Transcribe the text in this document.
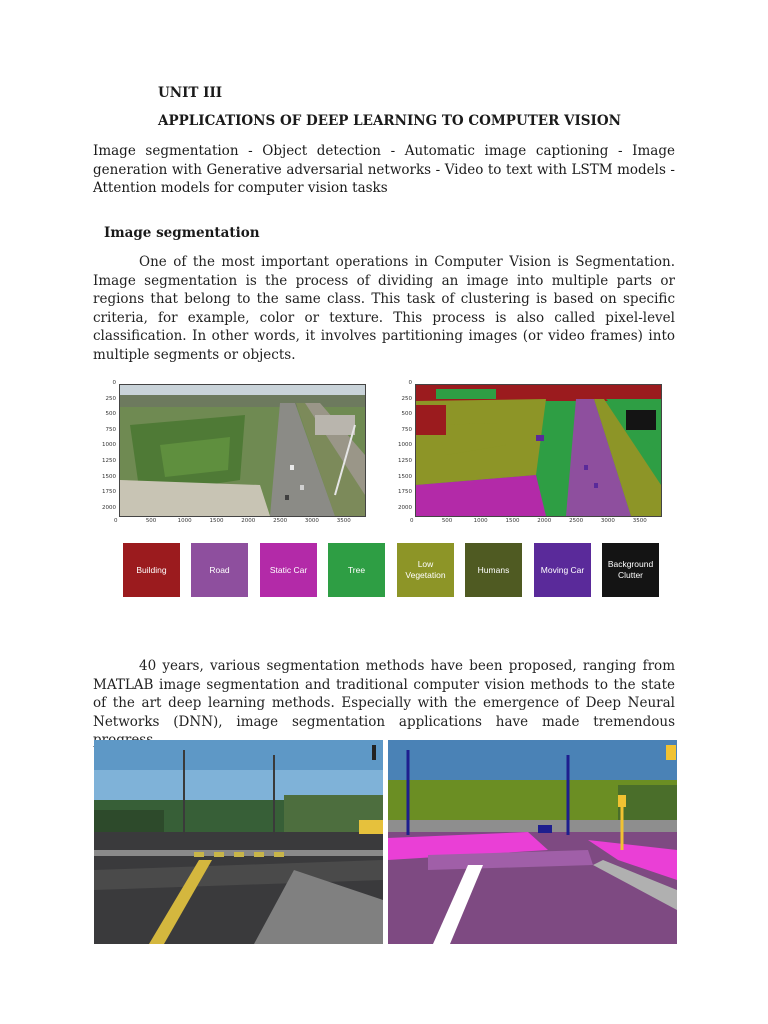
UNIT III
APPLICATIONS OF DEEP LEARNING TO COMPUTER VISION
Image segmentation - Object detection - Automatic image captioning - Image generation with Generative adversarial networks - Video to text with LSTM models - Attention models for computer vision tasks
Image segmentation
One of the most important operations in Computer Vision is Segmentation. Image segmentation is the process of dividing an image into multiple parts or regions that belong to the same class. This task of clustering is based on specific criteria, for example, color or texture. This process is also called pixel-level classification. In other words, it involves partitioning images (or video frames) into multiple segments or objects.
0
250
500
750
1000
1250
1500
1750
2000
0	500	1000	1500	2000	2500	3000	3500
0
250
500
750
1000
1250
1500
1750
2000
0	500	1000	1500	2000	2500	3000	3500
Building	Road	Static Car	Tree
Low Vegetation
Humans	Moving Car
Background Clutter
40 years, various segmentation methods have been proposed, ranging from MATLAB image segmentation and traditional computer vision methods to the state of the art deep learning methods. Especially with the emergence of Deep Neural Networks (DNN), image segmentation applications have made tremendous
